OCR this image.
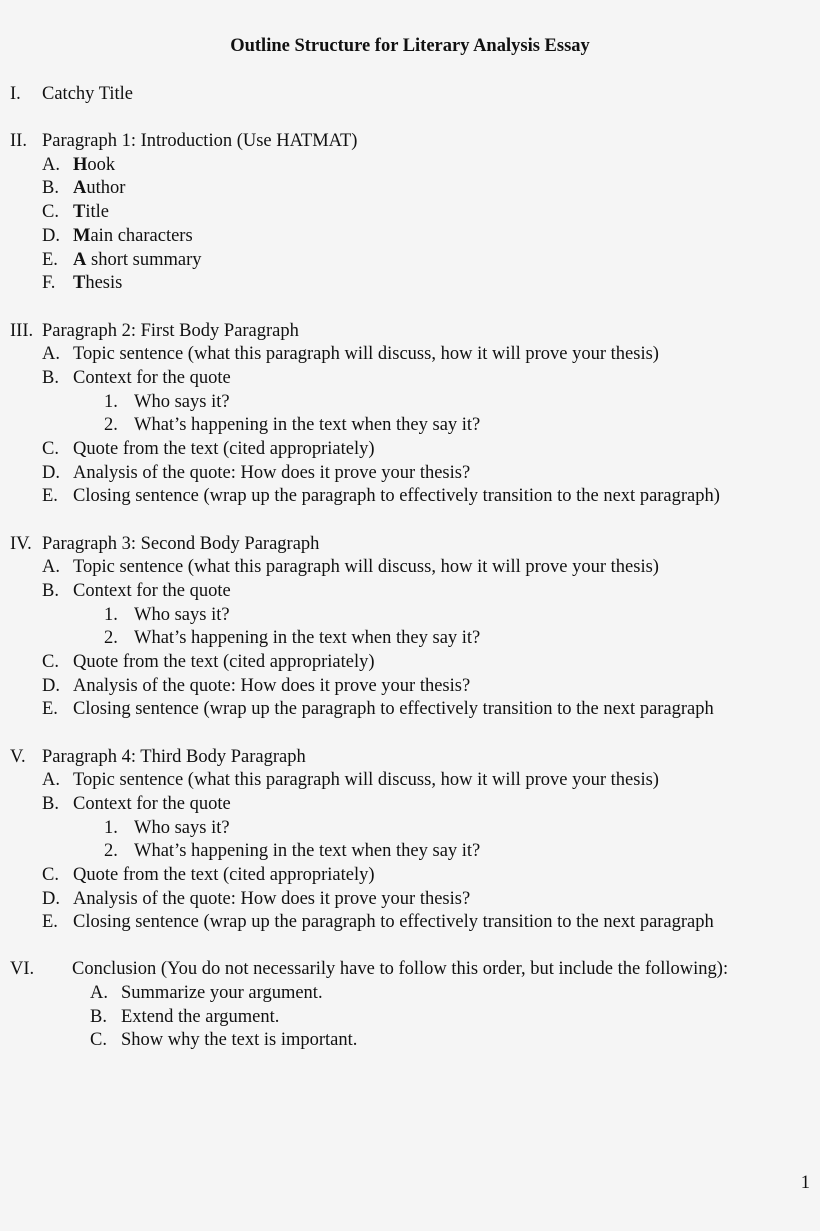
Outline Structure for Literary Analysis Essay
I. Catchy Title
II. Paragraph 1: Introduction (Use HATMAT)
A. Hook
B. Author
C. Title
D. Main characters
E. A short summary
F. Thesis
III. Paragraph 2: First Body Paragraph
A. Topic sentence (what this paragraph will discuss, how it will prove your thesis)
B. Context for the quote
1. Who says it?
2. What’s happening in the text when they say it?
C. Quote from the text (cited appropriately)
D. Analysis of the quote: How does it prove your thesis?
E. Closing sentence (wrap up the paragraph to effectively transition to the next paragraph)
IV. Paragraph 3: Second Body Paragraph
A. Topic sentence (what this paragraph will discuss, how it will prove your thesis)
B. Context for the quote
1. Who says it?
2. What’s happening in the text when they say it?
C. Quote from the text (cited appropriately)
D. Analysis of the quote: How does it prove your thesis?
E. Closing sentence (wrap up the paragraph to effectively transition to the next paragraph
V. Paragraph 4: Third Body Paragraph
A. Topic sentence (what this paragraph will discuss, how it will prove your thesis)
B. Context for the quote
1. Who says it?
2. What’s happening in the text when they say it?
C. Quote from the text (cited appropriately)
D. Analysis of the quote: How does it prove your thesis?
E. Closing sentence (wrap up the paragraph to effectively transition to the next paragraph
VI. Conclusion (You do not necessarily have to follow this order, but include the following):
A. Summarize your argument.
B. Extend the argument.
C. Show why the text is important.
1
